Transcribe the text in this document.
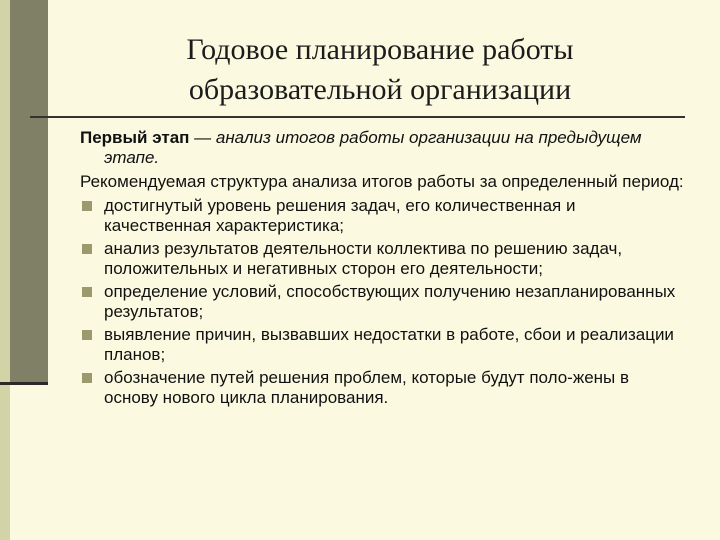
Годовое планирование работы
образовательной организации

Первый этап — анализ итогов работы организации на предыдущем этапе.

Рекомендуемая структура анализа итогов работы за определенный период:

достигнутый уровень решения задач, его количественная и качественная характеристика;
анализ результатов деятельности коллектива по решению задач, положительных и негативных сторон его деятельности;
определение условий, способствующих получению незапланированных результатов;
выявление причин, вызвавших недостатки в работе, сбои и реализации планов;
обозначение путей решения проблем, которые будут поло-жены в основу нового цикла планирования.
